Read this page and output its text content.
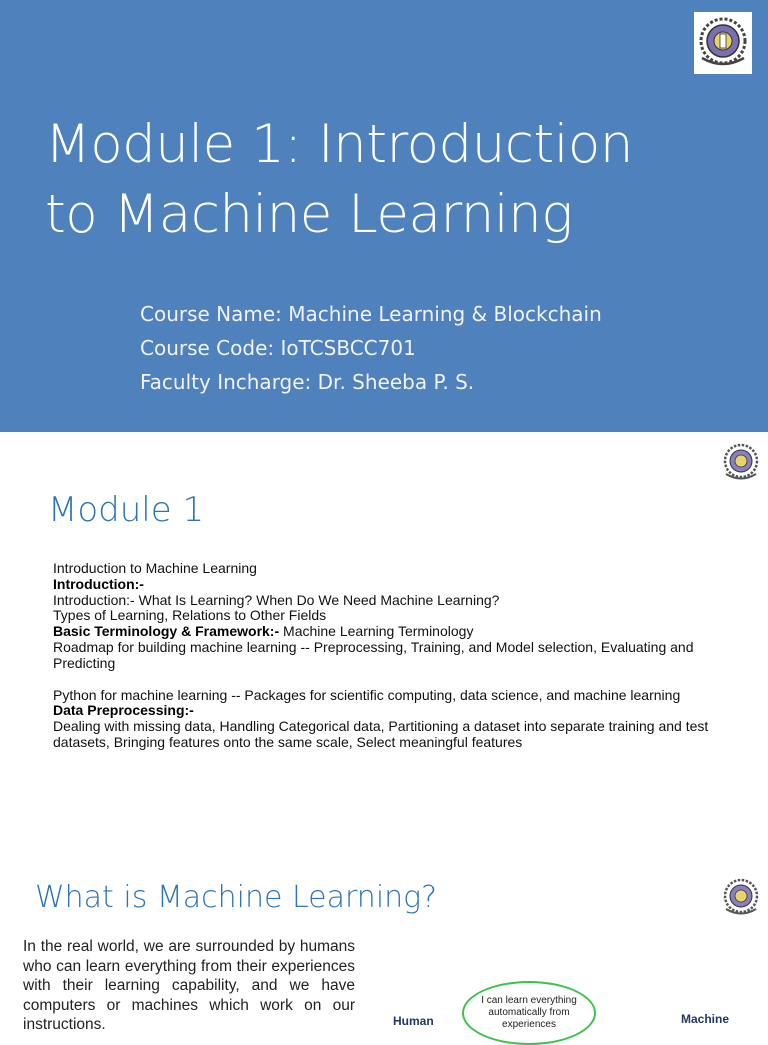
Module 1: Introduction
to Machine Learning
Course Name: Machine Learning & Blockchain
Course Code: IoTCSBCC701
Faculty Incharge: Dr. Sheeba P. S.
Module 1
Introduction to Machine Learning
Introduction:-
Introduction:- What Is Learning? When Do We Need Machine Learning?
Types of Learning, Relations to Other Fields
Basic Terminology & Framework:- Machine Learning Terminology
Roadmap for building machine learning -- Preprocessing, Training, and Model selection, Evaluating and Predicting
Python for machine learning -- Packages for scientific computing, data science, and machine learning
Data Preprocessing:-
Dealing with missing data, Handling Categorical data, Partitioning a dataset into separate training and test datasets, Bringing features onto the same scale, Select meaningful features
What is Machine Learning?
In the real world, we are surrounded by humans who can learn everything from their experiences with their learning capability, and we have computers or machines which work on our instructions.	Human
I can learn everything automatically from experiences	Machine
